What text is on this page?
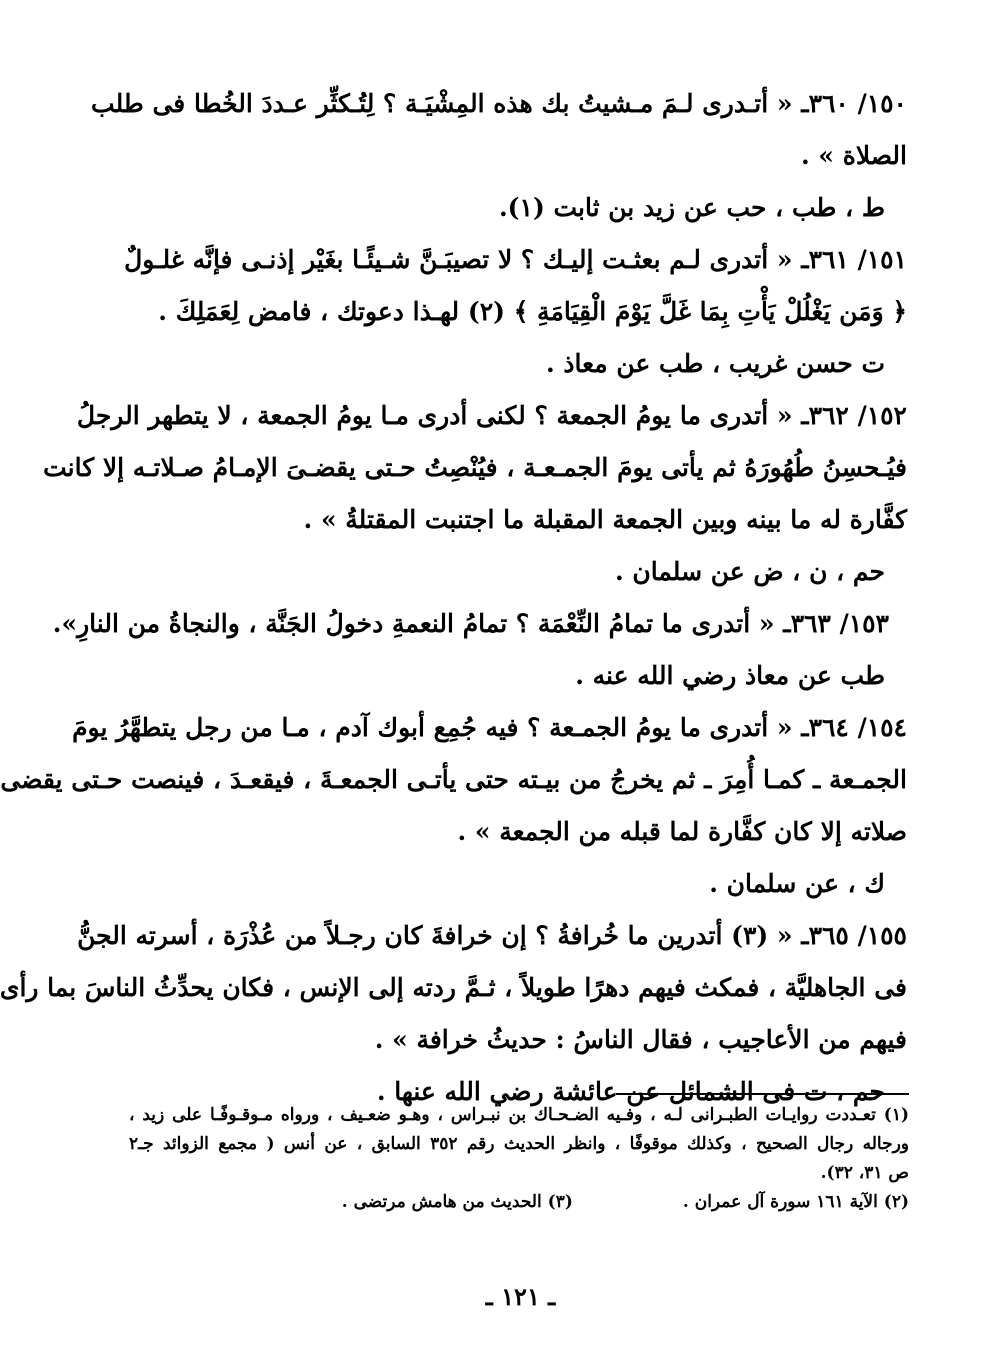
١٥٠/ ٣٦٠ـ « أتـدرى لـمَ مـشيتُ بك هذه المِشْيَـة ؟ لِتُـكثِّر عـددَ الخُطا فى طلب
الصلاة » .
ط ، طب ، حب عن زيد بن ثابت (١).
١٥١/ ٣٦١ـ « أتدرى لـم بعثـت إليـك ؟ لا تصيبَـنَّ شـيئًـا بغَيْر إذنـى فإنَّه غلـولٌ
﴿ وَمَن يَغْلُلْ يَأْتِ بِمَا غَلَّ يَوْمَ الْقِيَامَةِ ﴾ (٢) لهـذا دعوتك ، فامض لِعَمَلِكَ .
ت حسن غريب ، طب عن معاذ .
١٥٢/ ٣٦٢ـ « أتدرى ما يومُ الجمعة ؟ لكنى أدرى مـا يومُ الجمعة ، لا يتطهر الرجلُ
فيُـحسِنُ طُهُورَهُ ثم يأتى يومَ الجمـعـة ، فيُنْصِتُ حـتى يقضـىَ الإمـامُ صـلاتـه إلا كانت
كفَّارة له ما بينه وبين الجمعة المقبلة ما اجتنبت المقتلةُ » .
حم ، ن ، ض عن سلمان .
١٥٣/ ٣٦٣ـ « أتدرى ما تمامُ النِّعْمَة ؟ تمامُ النعمةِ دخولُ الجَنَّة ، والنجاةُ من النارِ».
طب عن معاذ رضي الله عنه .
١٥٤/ ٣٦٤ـ « أتدرى ما يومُ الجمـعة ؟ فيه جُمِع أبوك آدم ، مـا من رجل يتطهَّرُ يومَ
الجمـعة ـ كمـا أُمِرَ ـ ثم يخرجُ من بيـته حتى يأتـى الجمعـةَ ، فيقعـدَ ، فينصت حـتى يقضى
صلاته إلا كان كفَّارة لما قبله من الجمعة » .
ك ، عن سلمان .
١٥٥/ ٣٦٥ـ « (٣) أتدرين ما خُرافةُ ؟ إن خرافةَ كان رجـلاً من عُذْرَة ، أسرته الجنُّ
فى الجاهليَّة ، فمكث فيهم دهرًا طويلاً ، ثـمَّ ردته إلى الإنس ، فكان يحدِّثُ الناسَ بما رأى
فيهم من الأعاجيب ، فقال الناسُ : حديثُ خرافة » .
حم ، ت فى الشمائل عن عائشة رضي الله عنها .
(١) تعـددت روايـات الطبـرانى لـه ، وفـيه الضـحـاك بن نبـراس ، وهـو ضعـيف ، ورواه مـوقـوفًـا على زيد ،
ورجاله رجال الصحيح ، وكذلك موقوفًا ، وانظر الحديث رقم ٣٥٢ السابق ، عن أنس ( مجمع الزوائد جـ٢
ص ٣١، ٣٢).
(٢) الآية ١٦١ سورة آل عمران .
(٣) الحديث من هامش مرتضى .
ـ ١٢١ ـ
